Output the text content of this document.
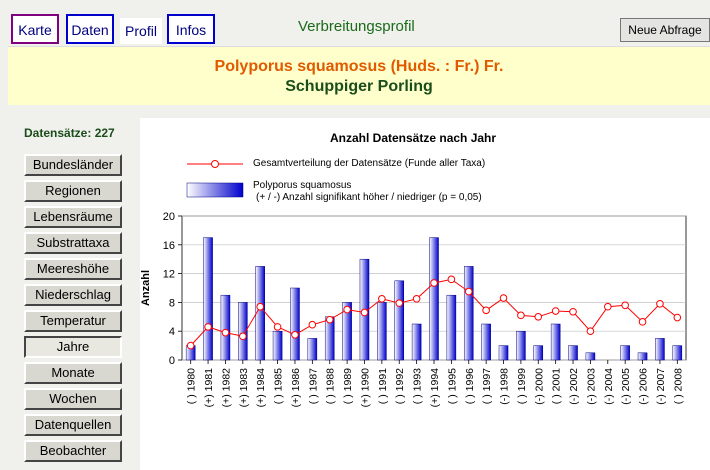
Karte	Daten	Profil	Infos	Verbreitungsprofil	Neue Abfrage
Polyporus squamosus (Huds. : Fr.) Fr.
Schuppiger Porling
Datensätze: 227
Bundesländer
Regionen
Lebensräume
Substrattaxa
Meereshöhe
Niederschlag
Temperatur
Jahre
Monate
Wochen
Datenquellen
Beobachter
Anzahl Datensätze nach Jahr
0
4
8
12
16
20
Anzahl
( ) 1980 (+) 1981 (+) 1982 (+) 1983 (+) 1984 ( ) 1985 (+) 1986 ( ) 1987 ( ) 1988 ( ) 1989 (+) 1990 ( ) 1991 ( ) 1992 ( ) 1993 (+) 1994 ( ) 1995 ( ) 1996 ( ) 1997 (-) 1998 ( ) 1999 (-) 2000 ( ) 2001 (-) 2002 (-) 2003 (-) 2004 (-) 2005 (-) 2006 (-) 2007 ( ) 2008
Gesamtverteilung der Datensätze (Funde aller Taxa)
Polyporus squamosus
(+ / -) Anzahl signifikant höher / niedriger (p = 0,05)
